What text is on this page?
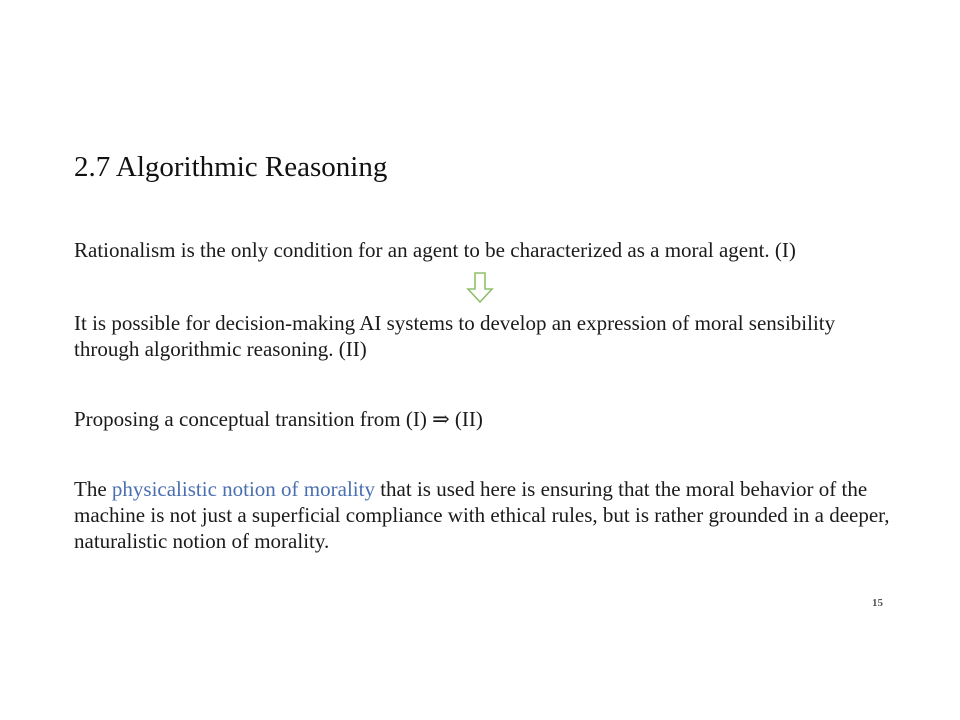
2.7 Algorithmic Reasoning

Rationalism is the only condition for an agent to be characterized as a moral agent. (I)

It is possible for decision-making AI systems to develop an expression of moral sensibility through algorithmic reasoning. (II)

Proposing a conceptual transition from (I) ⇒ (II)

The physicalistic notion of morality that is used here is ensuring that the moral behavior of the machine is not just a superficial compliance with ethical rules, but is rather grounded in a deeper, naturalistic notion of morality.

15
